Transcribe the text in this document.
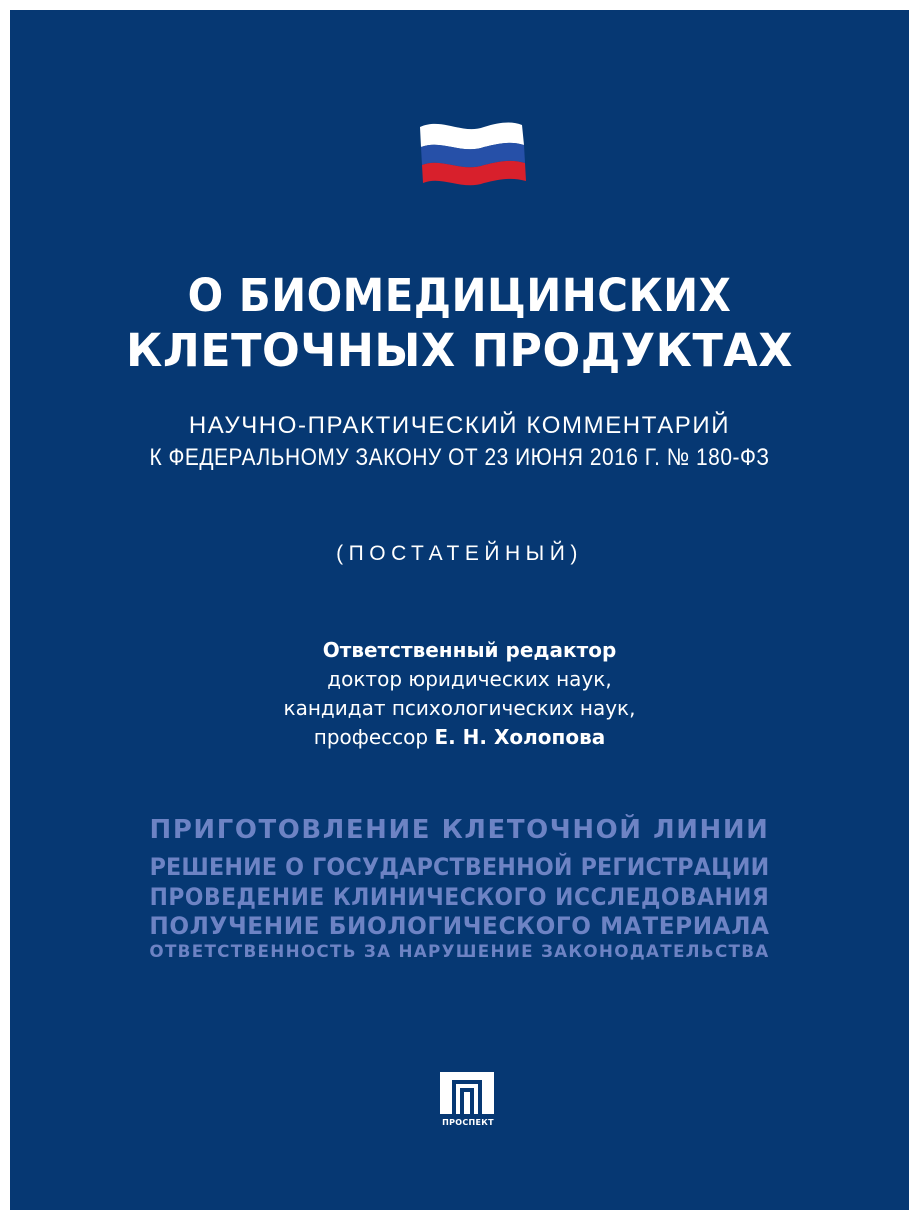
О БИОМЕДИЦИНСКИХ
КЛЕТОЧНЫХ ПРОДУКТАХ
НАУЧНО-ПРАКТИЧЕСКИЙ КОММЕНТАРИЙ
К ФЕДЕРАЛЬНОМУ ЗАКОНУ ОТ 23 ИЮНЯ 2016 Г. № 180-ФЗ
(ПОСТАТЕЙНЫЙ)
Ответственный редактор
доктор юридических наук,
кандидат психологических наук,
профессор Е. Н. Холопова
ПРИГОТОВЛЕНИЕ КЛЕТОЧНОЙ ЛИНИИ
РЕШЕНИЕ О ГОСУДАРСТВЕННОЙ РЕГИСТРАЦИИ
ПРОВЕДЕНИЕ КЛИНИЧЕСКОГО ИССЛЕДОВАНИЯ
ПОЛУЧЕНИЕ БИОЛОГИЧЕСКОГО МАТЕРИАЛА
ОТВЕТСТВЕННОСТЬ ЗА НАРУШЕНИЕ ЗАКОНОДАТЕЛЬСТВА
ПРОСПЕКТ
